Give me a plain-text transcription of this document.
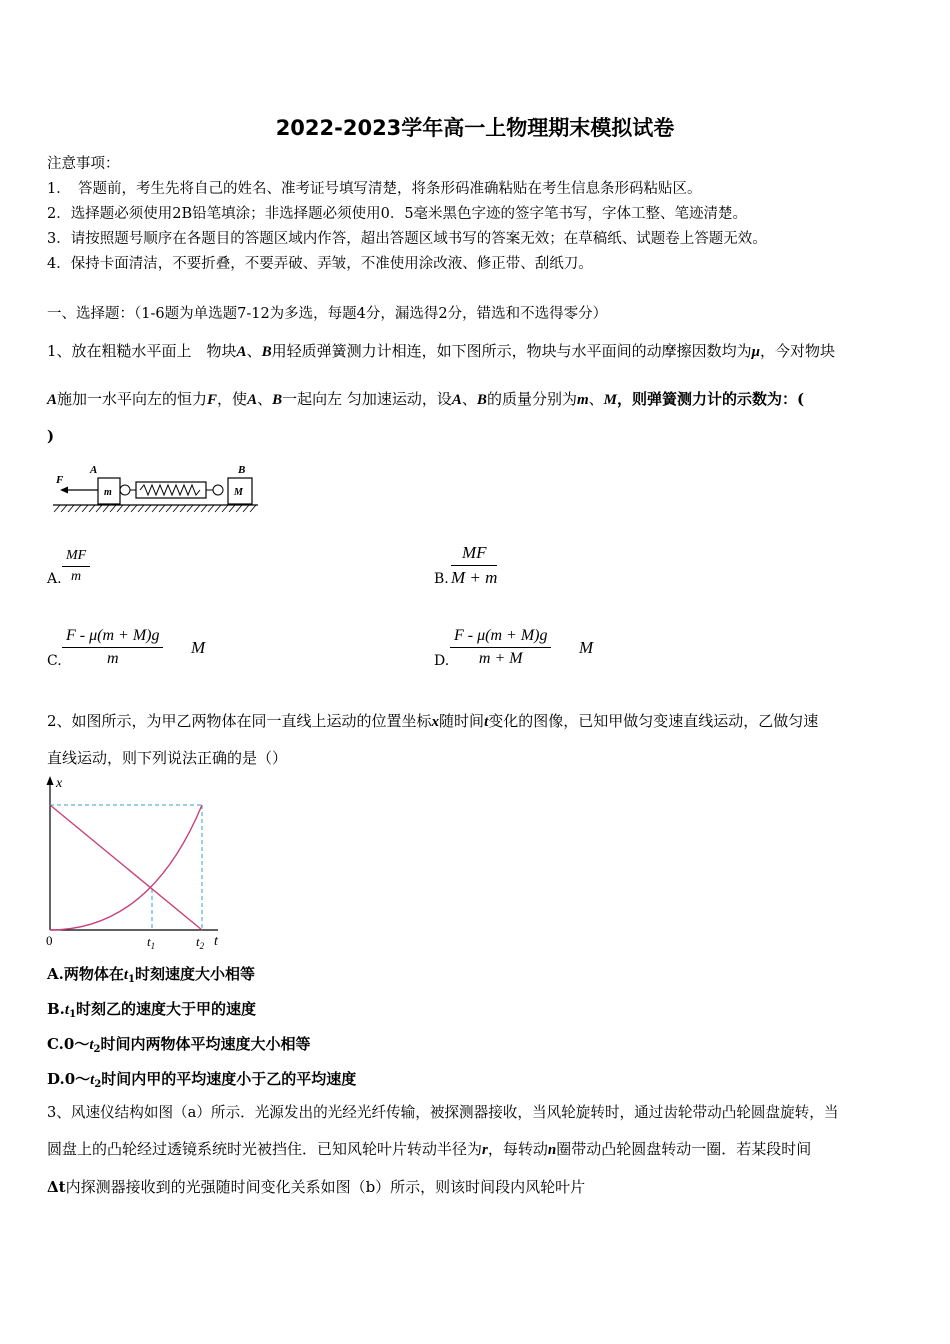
2022-2023学年高一上物理期末模拟试卷
注意事项：
1．　答题前，考生先将自己的姓名、准考证号填写清楚，将条形码准确粘贴在考生信息条形码粘贴区。
2．选择题必须使用2B铅笔填涂；非选择题必须使用0．5毫米黑色字迹的签字笔书写，字体工整、笔迹清楚。
3．请按照题号顺序在各题目的答题区域内作答，超出答题区域书写的答案无效；在草稿纸、试题卷上答题无效。
4．保持卡面清洁，不要折叠，不要弄破、弄皱，不准使用涂改液、修正带、刮纸刀。
一、选择题：（1-6题为单选题7-12为多选，每题4分，漏选得2分，错选和不选得零分）
1、放在粗糙水平面上　物块A、B用轻质弹簧测力计相连，如下图所示，物块与水平面间的动摩擦因数均为μ，今对物块
A施加一水平向左的恒力F，使A、B一起向左 匀加速运动，设A、B的质量分别为m、M，则弹簧测力计的示数为：(
)
F
A
m
B
M
A. $\frac{MF}{m}$	B. $\frac{MF}{M + m}$
C. $\frac{F - \mu(m + M)g}{m}$ M
D. $\frac{F - \mu(m + M)g}{m + M}$ M
2、如图所示，为甲乙两物体在同一直线上运动的位置坐标x随时间t变化的图像，已知甲做匀变速直线运动，乙做匀速
直线运动，则下列说法正确的是（）
x
t
0	$t_1$	$t_2$
A.两物体在$t_1$时刻速度大小相等
$B.t_1$时刻乙的速度大于甲的速度
$C.0\sim t_2$时间内两物体平均速度大小相等
$D.0\sim t_2$时间内甲的平均速度小于乙的平均速度
3、风速仪结构如图（a）所示．光源发出的光经光纤传输，被探测器接收，当风轮旋转时，通过齿轮带动凸轮圆盘旋转，当
圆盘上的凸轮经过透镜系统时光被挡住．已知风轮叶片转动半径为r，每转动n圈带动凸轮圆盘转动一圈．若某段时间
Δt内探测器接收到的光强随时间变化关系如图（b）所示，则该时间段内风轮叶片
